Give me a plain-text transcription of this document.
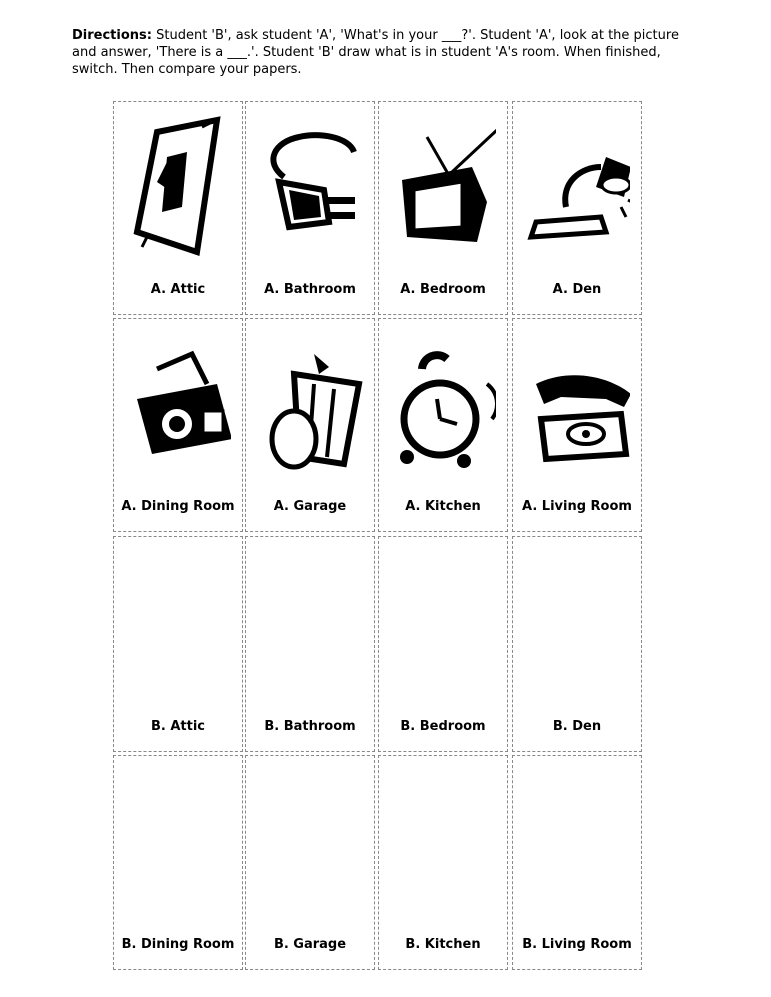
Directions: Student 'B', ask student 'A', 'What's in your ___?'. Student 'A', look at the picture and answer, 'There is a ___.'. Student 'B' draw what is in student 'A's room. When finished, switch. Then compare your papers.
A. Attic	A. Bathroom	A. Bedroom	A. Den
A. Dining Room	A. Garage	A. Kitchen	A. Living Room
B. Attic	B. Bathroom	B. Bedroom	B. Den
B. Dining Room	B. Garage	B. Kitchen	B. Living Room
